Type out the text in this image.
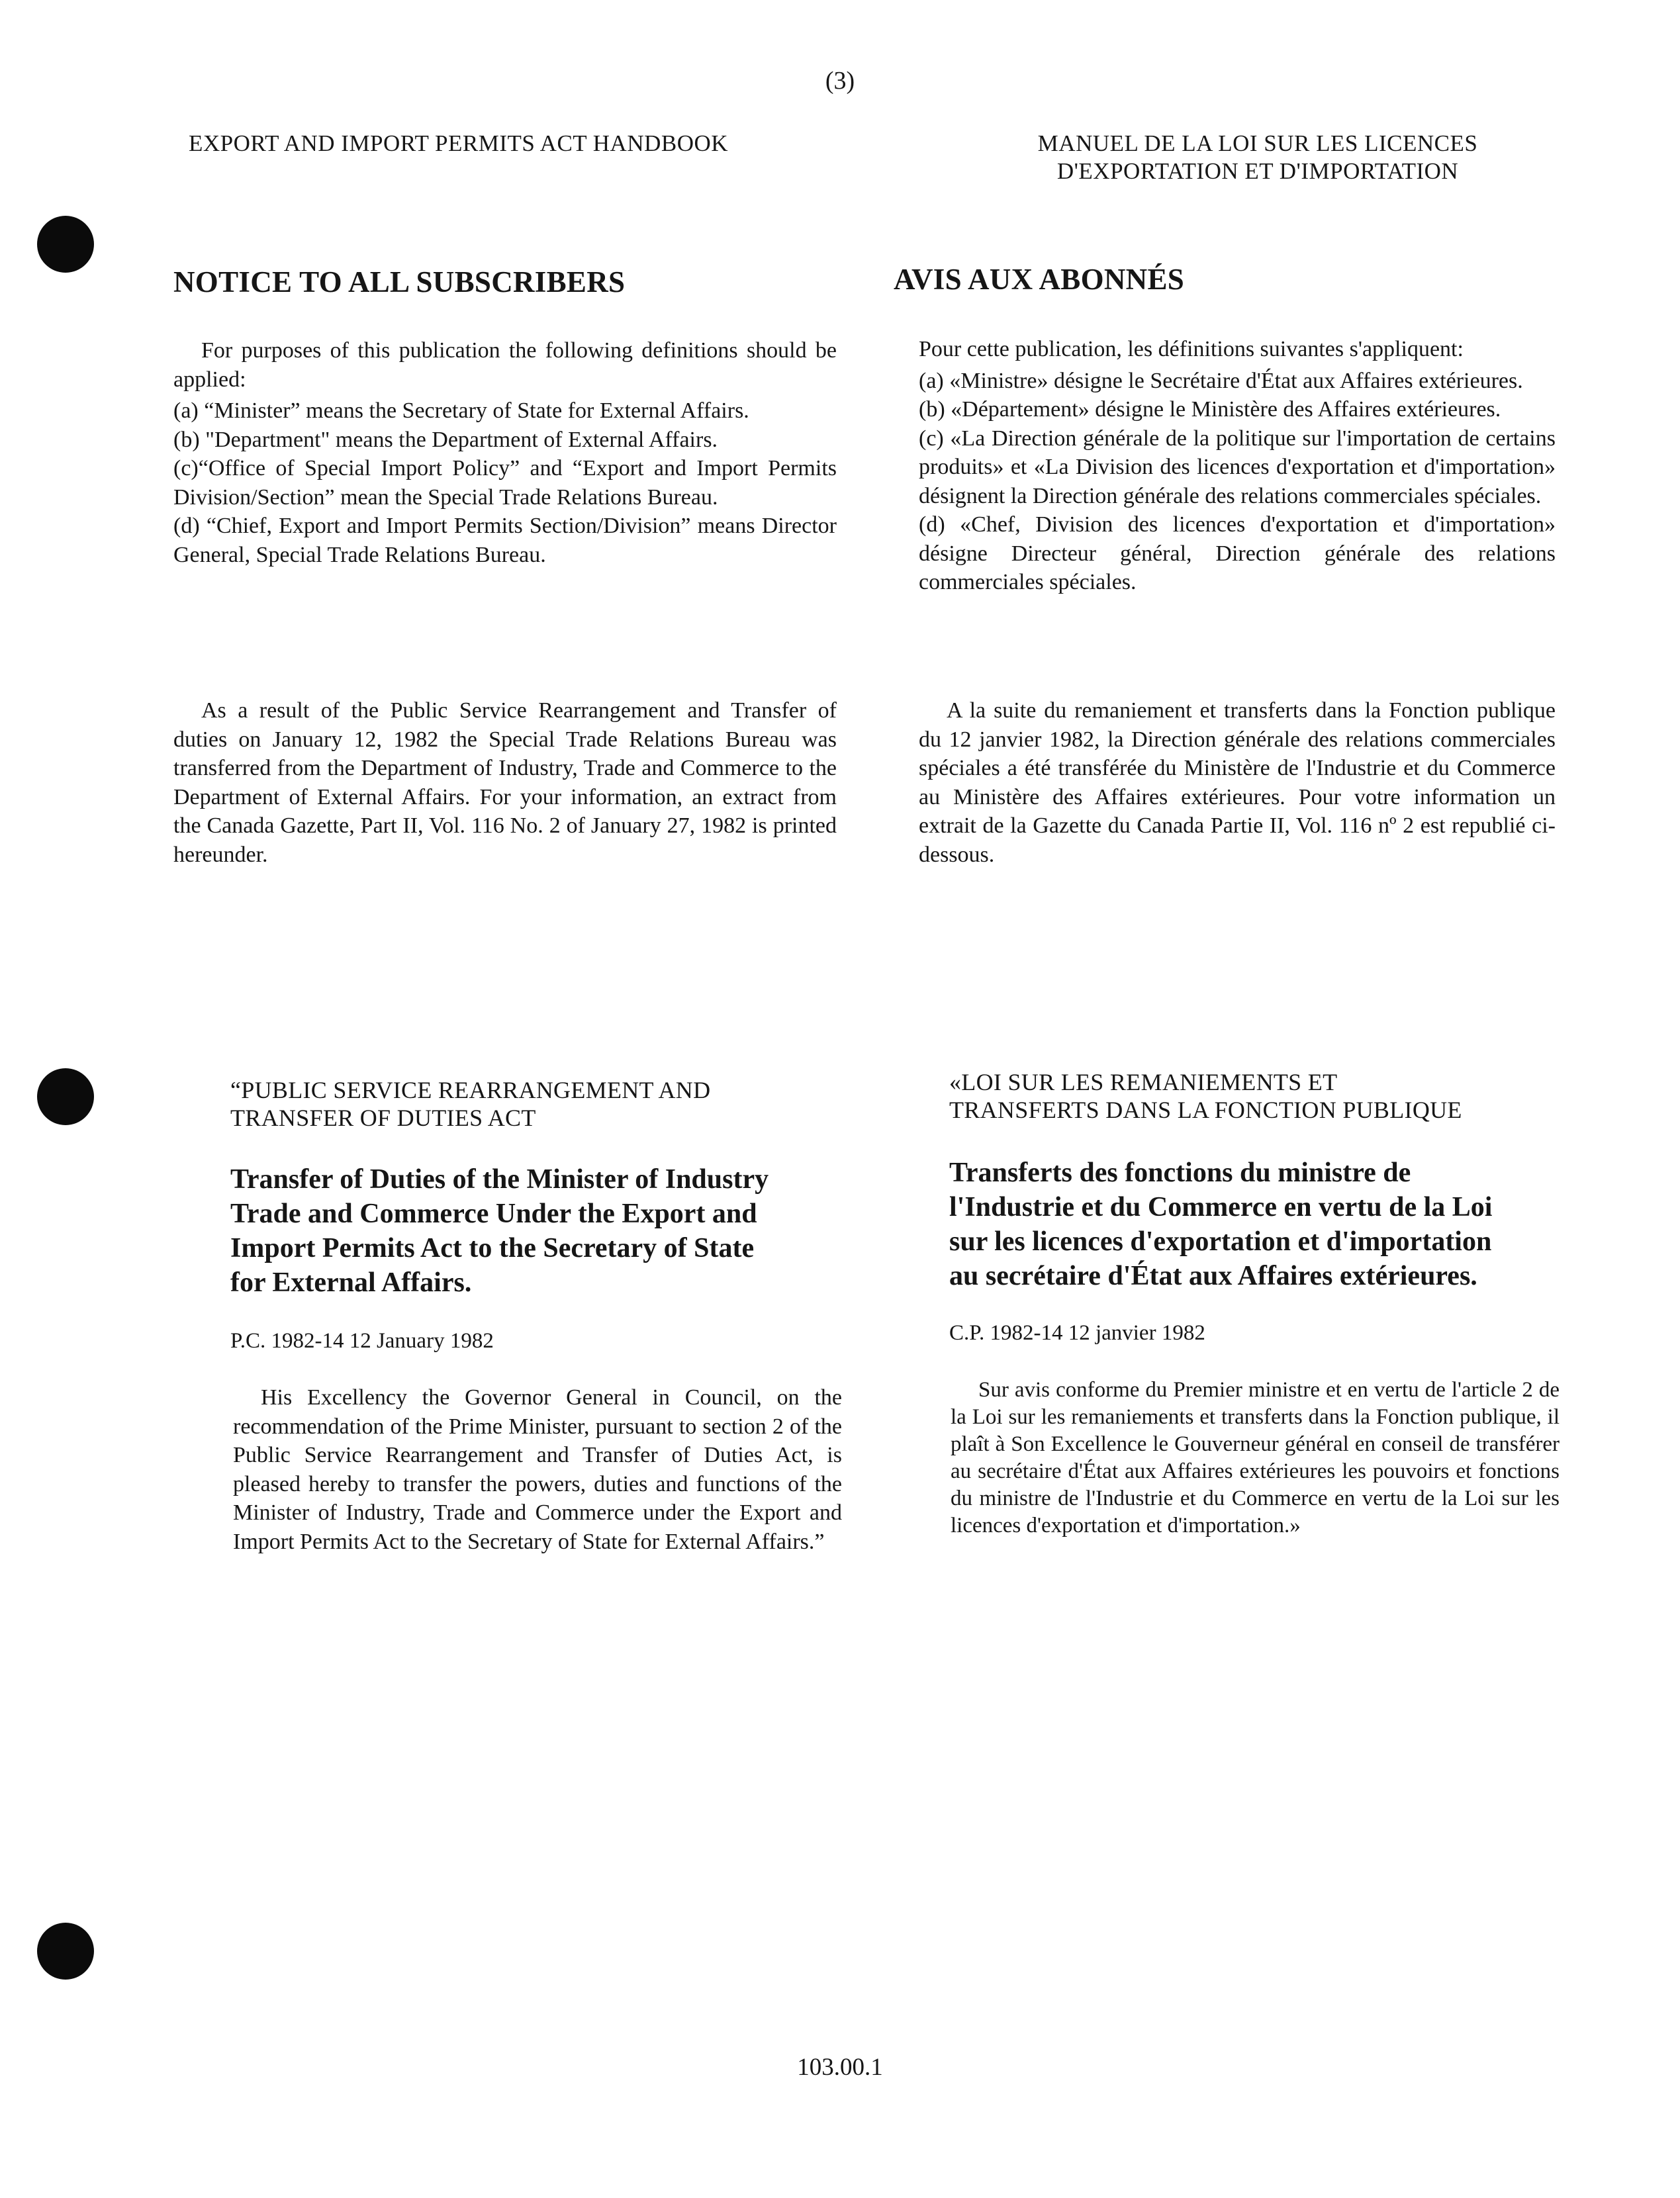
(3)
EXPORT AND IMPORT PERMITS ACT HANDBOOK	MANUEL DE LA LOI SUR LES LICENCES
D'EXPORTATION ET D'IMPORTATION
NOTICE TO ALL SUBSCRIBERS	AVIS AUX ABONNÉS

For purposes of this publication the following definitions should be applied:

(a) “Minister” means the Secretary of State for External Affairs.

(b) "Department" means the Department of External Affairs.

(c)“Office of Special Import Policy” and “Export and Import Permits Division/Section” mean the Special Trade Relations Bureau.

(d) “Chief, Export and Import Permits Section/Division” means Director General, Special Trade Relations Bureau.

As a result of the Public Service Rearrangement and Transfer of duties on January 12, 1982 the Special Trade Relations Bureau was transferred from the Department of Industry, Trade and Commerce to the Department of External Affairs. For your information, an extract from the Canada Gazette, Part II, Vol. 116 No. 2 of January 27, 1982 is printed hereunder.

Pour cette publication, les définitions suivantes s'appliquent:

(a) «Ministre» désigne le Secrétaire d'État aux Affaires extérieures.

(b) «Département» désigne le Ministère des Affaires extérieures.

(c) «La Direction générale de la politique sur l'importation de certains produits» et «La Division des licences d'exportation et d'importation» désignent la Direction générale des relations commerciales spéciales.

(d) «Chef, Division des licences d'exportation et d'importation» désigne Directeur général, Direction générale des relations commerciales spéciales.

A la suite du remaniement et transferts dans la Fonction publique du 12 janvier 1982, la Direction générale des relations commerciales spéciales a été transférée du Ministère de l'Industrie et du Commerce au Ministère des Affaires extérieures. Pour votre information un extrait de la Gazette du Canada Partie II, Vol. 116 nº 2 est republié ci-dessous.

“PUBLIC SERVICE REARRANGEMENT AND
TRANSFER OF DUTIES ACT
Transfer of Duties of the Minister of Industry
Trade and Commerce Under the Export and
Import Permits Act to the Secretary of State
for External Affairs.
P.C. 1982-14 12 January 1982

His Excellency the Governor General in Council, on the recommendation of the Prime Minister, pursuant to section 2 of the Public Service Rearrangement and Transfer of Duties Act, is pleased hereby to transfer the powers, duties and functions of the Minister of Industry, Trade and Commerce under the Export and Import Permits Act to the Secretary of State for External Affairs.”

«LOI SUR LES REMANIEMENTS ET
TRANSFERTS DANS LA FONCTION PUBLIQUE
Transferts des fonctions du ministre de
l'Industrie et du Commerce en vertu de la Loi
sur les licences d'exportation et d'importation
au secrétaire d'État aux Affaires extérieures.
C.P. 1982-14 12 janvier 1982

Sur avis conforme du Premier ministre et en vertu de l'article 2 de la Loi sur les remaniements et transferts dans la Fonction publique, il plaît à Son Excellence le Gouverneur général en conseil de transférer au secrétaire d'État aux Affaires extérieures les pouvoirs et fonctions du ministre de l'Industrie et du Commerce en vertu de la Loi sur les licences d'exportation et d'importation.»

103.00.1
